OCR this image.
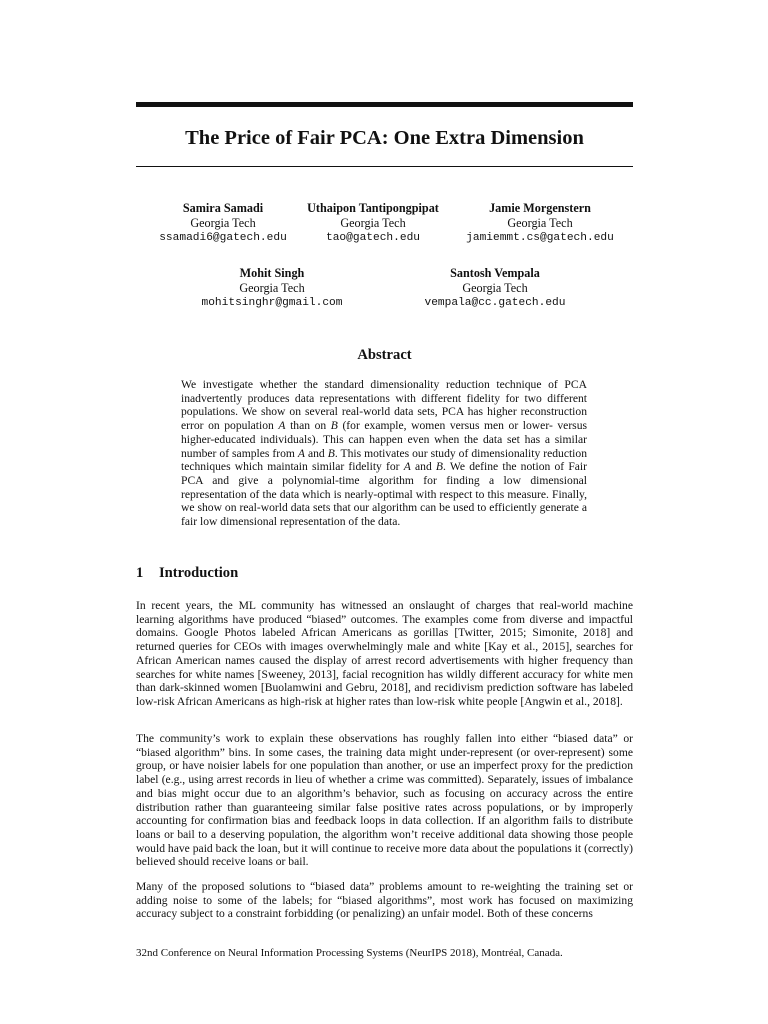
The Price of Fair PCA: One Extra Dimension
Samira Samadi
Georgia Tech
ssamadi6@gatech.edu
Uthaipon Tantipongpipat
Georgia Tech
tao@gatech.edu
Jamie Morgenstern
Georgia Tech
jamiemmt.cs@gatech.edu
Mohit Singh
Georgia Tech
mohitsinghr@gmail.com
Santosh Vempala
Georgia Tech
vempala@cc.gatech.edu
Abstract
We investigate whether the standard dimensionality reduction technique of PCA inadvertently produces data representations with different fidelity for two different populations. We show on several real-world data sets, PCA has higher reconstruction error on population A than on B (for example, women versus men or lower- versus higher-educated individuals). This can happen even when the data set has a similar number of samples from A and B. This motivates our study of dimensionality reduction techniques which maintain similar fidelity for A and B. We define the notion of Fair PCA and give a polynomial-time algorithm for finding a low dimensional representation of the data which is nearly-optimal with respect to this measure. Finally, we show on real-world data sets that our algorithm can be used to efficiently generate a fair low dimensional representation of the data.
1 Introduction

In recent years, the ML community has witnessed an onslaught of charges that real-world machine learning algorithms have produced “biased” outcomes. The examples come from diverse and impactful domains. Google Photos labeled African Americans as gorillas [Twitter, 2015; Simonite, 2018] and returned queries for CEOs with images overwhelmingly male and white [Kay et al., 2015], searches for African American names caused the display of arrest record advertisements with higher frequency than searches for white names [Sweeney, 2013], facial recognition has wildly different accuracy for white men than dark-skinned women [Buolamwini and Gebru, 2018], and recidivism prediction software has labeled low-risk African Americans as high-risk at higher rates than low-risk white people [Angwin et al., 2018].

The community’s work to explain these observations has roughly fallen into either “biased data” or “biased algorithm” bins. In some cases, the training data might under-represent (or over-represent) some group, or have noisier labels for one population than another, or use an imperfect proxy for the prediction label (e.g., using arrest records in lieu of whether a crime was committed). Separately, issues of imbalance and bias might occur due to an algorithm’s behavior, such as focusing on accuracy across the entire distribution rather than guaranteeing similar false positive rates across populations, or by improperly accounting for confirmation bias and feedback loops in data collection. If an algorithm fails to distribute loans or bail to a deserving population, the algorithm won’t receive additional data showing those people would have paid back the loan, but it will continue to receive more data about the populations it (correctly) believed should receive loans or bail.

Many of the proposed solutions to “biased data” problems amount to re-weighting the training set or adding noise to some of the labels; for “biased algorithms”, most work has focused on maximizing accuracy subject to a constraint forbidding (or penalizing) an unfair model. Both of these concerns

32nd Conference on Neural Information Processing Systems (NeurIPS 2018), Montréal, Canada.
